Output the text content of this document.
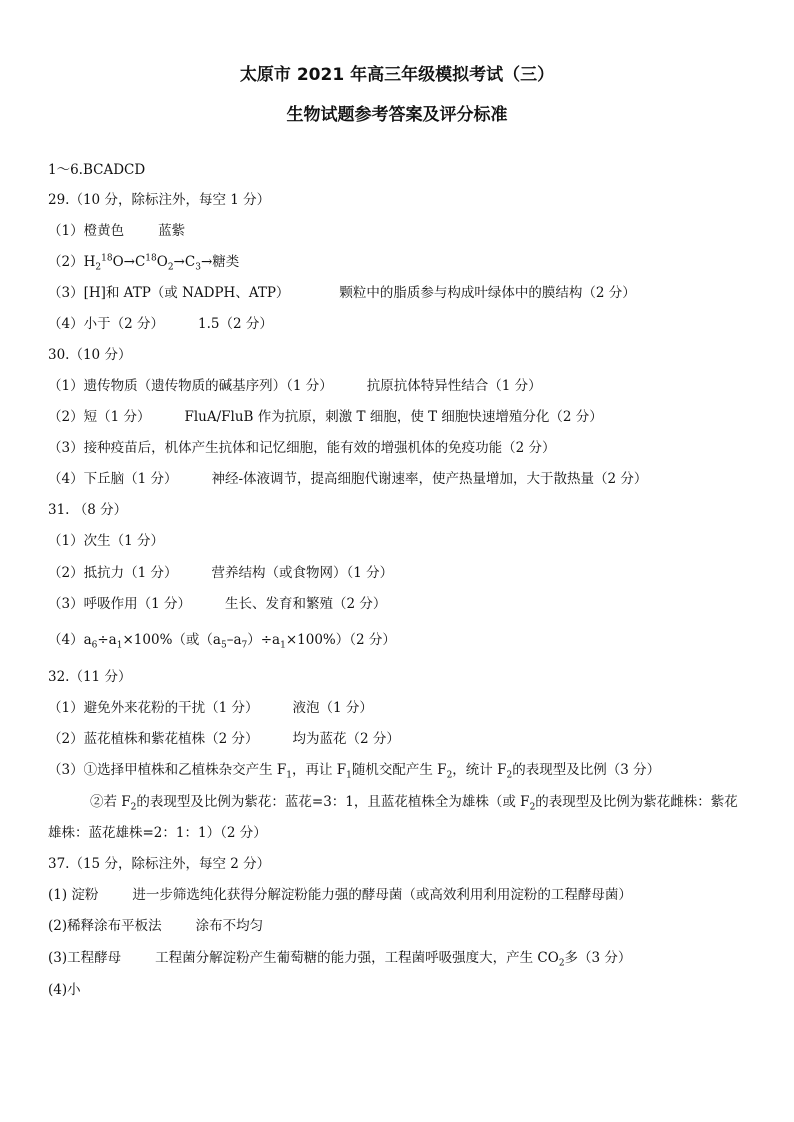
太原市 2021 年高三年级模拟考试（三）
生物试题参考答案及评分标准
1～6.BCADCD
29.（10 分，除标注外，每空 1 分）
（1）橙黄色	蓝紫
$(2)H_2^{18}O\to C^{18}O_2\to C_3\to$糖类
（3）[H]和 ATP（或 NADPH、ATP）	颗粒中的脂质参与构成叶绿体中的膜结构（2 分）
（4）小于（2 分）	1.5（2 分）
30.（10 分）
（1）遗传物质（遗传物质的碱基序列）（1 分）	抗原抗体特异性结合（1 分）
（2）短（1 分）	FluA/FluB 作为抗原，刺激 T 细胞，使 T 细胞快速增殖分化（2 分）
（3）接种疫苗后，机体产生抗体和记忆细胞，能有效的增强机体的免疫功能（2 分）
（4）下丘脑（1 分）	神经-体液调节，提高细胞代谢速率，使产热量增加，大于散热量（2 分）
31. （8 分）
（1）次生（1 分）
（2）抵抗力（1 分）	营养结构（或食物网）（1 分）
（3）呼吸作用（1 分）	生长、发育和繁殖（2 分）
$(4)a_6\div a_1\times 100\%$（或$(a_5-a_7)\div a_1\times 100\%)(2$ 分）
32.（11 分）
（1）避免外来花粉的干扰（1 分）	液泡（1 分）
（2）蓝花植株和紫花植株（2 分）	均为蓝花（2 分）
（3）①选择甲植株和乙植株杂交产生 $F_1$，再让 $F_1$随机交配产生 $F_2$，统计 $F_2$的表现型及比例（3 分）
②若 $F_2$的表现型及比例为紫花：蓝花=3：1，且蓝花植株全为雄株（或 $F_2$的表现型及比例为紫花雌株：紫花
雄株：蓝花雄株=2：1：1）（2 分）
37.（15 分，除标注外，每空 2 分）
(1) 淀粉	进一步筛选纯化获得分解淀粉能力强的酵母菌（或高效利用利用淀粉的工程酵母菌）
(2)稀释涂布平板法	涂布不均匀
(3)工程酵母	工程菌分解淀粉产生葡萄糖的能力强，工程菌呼吸强度大，产生 $CO_2$多（3 分）
(4)小
